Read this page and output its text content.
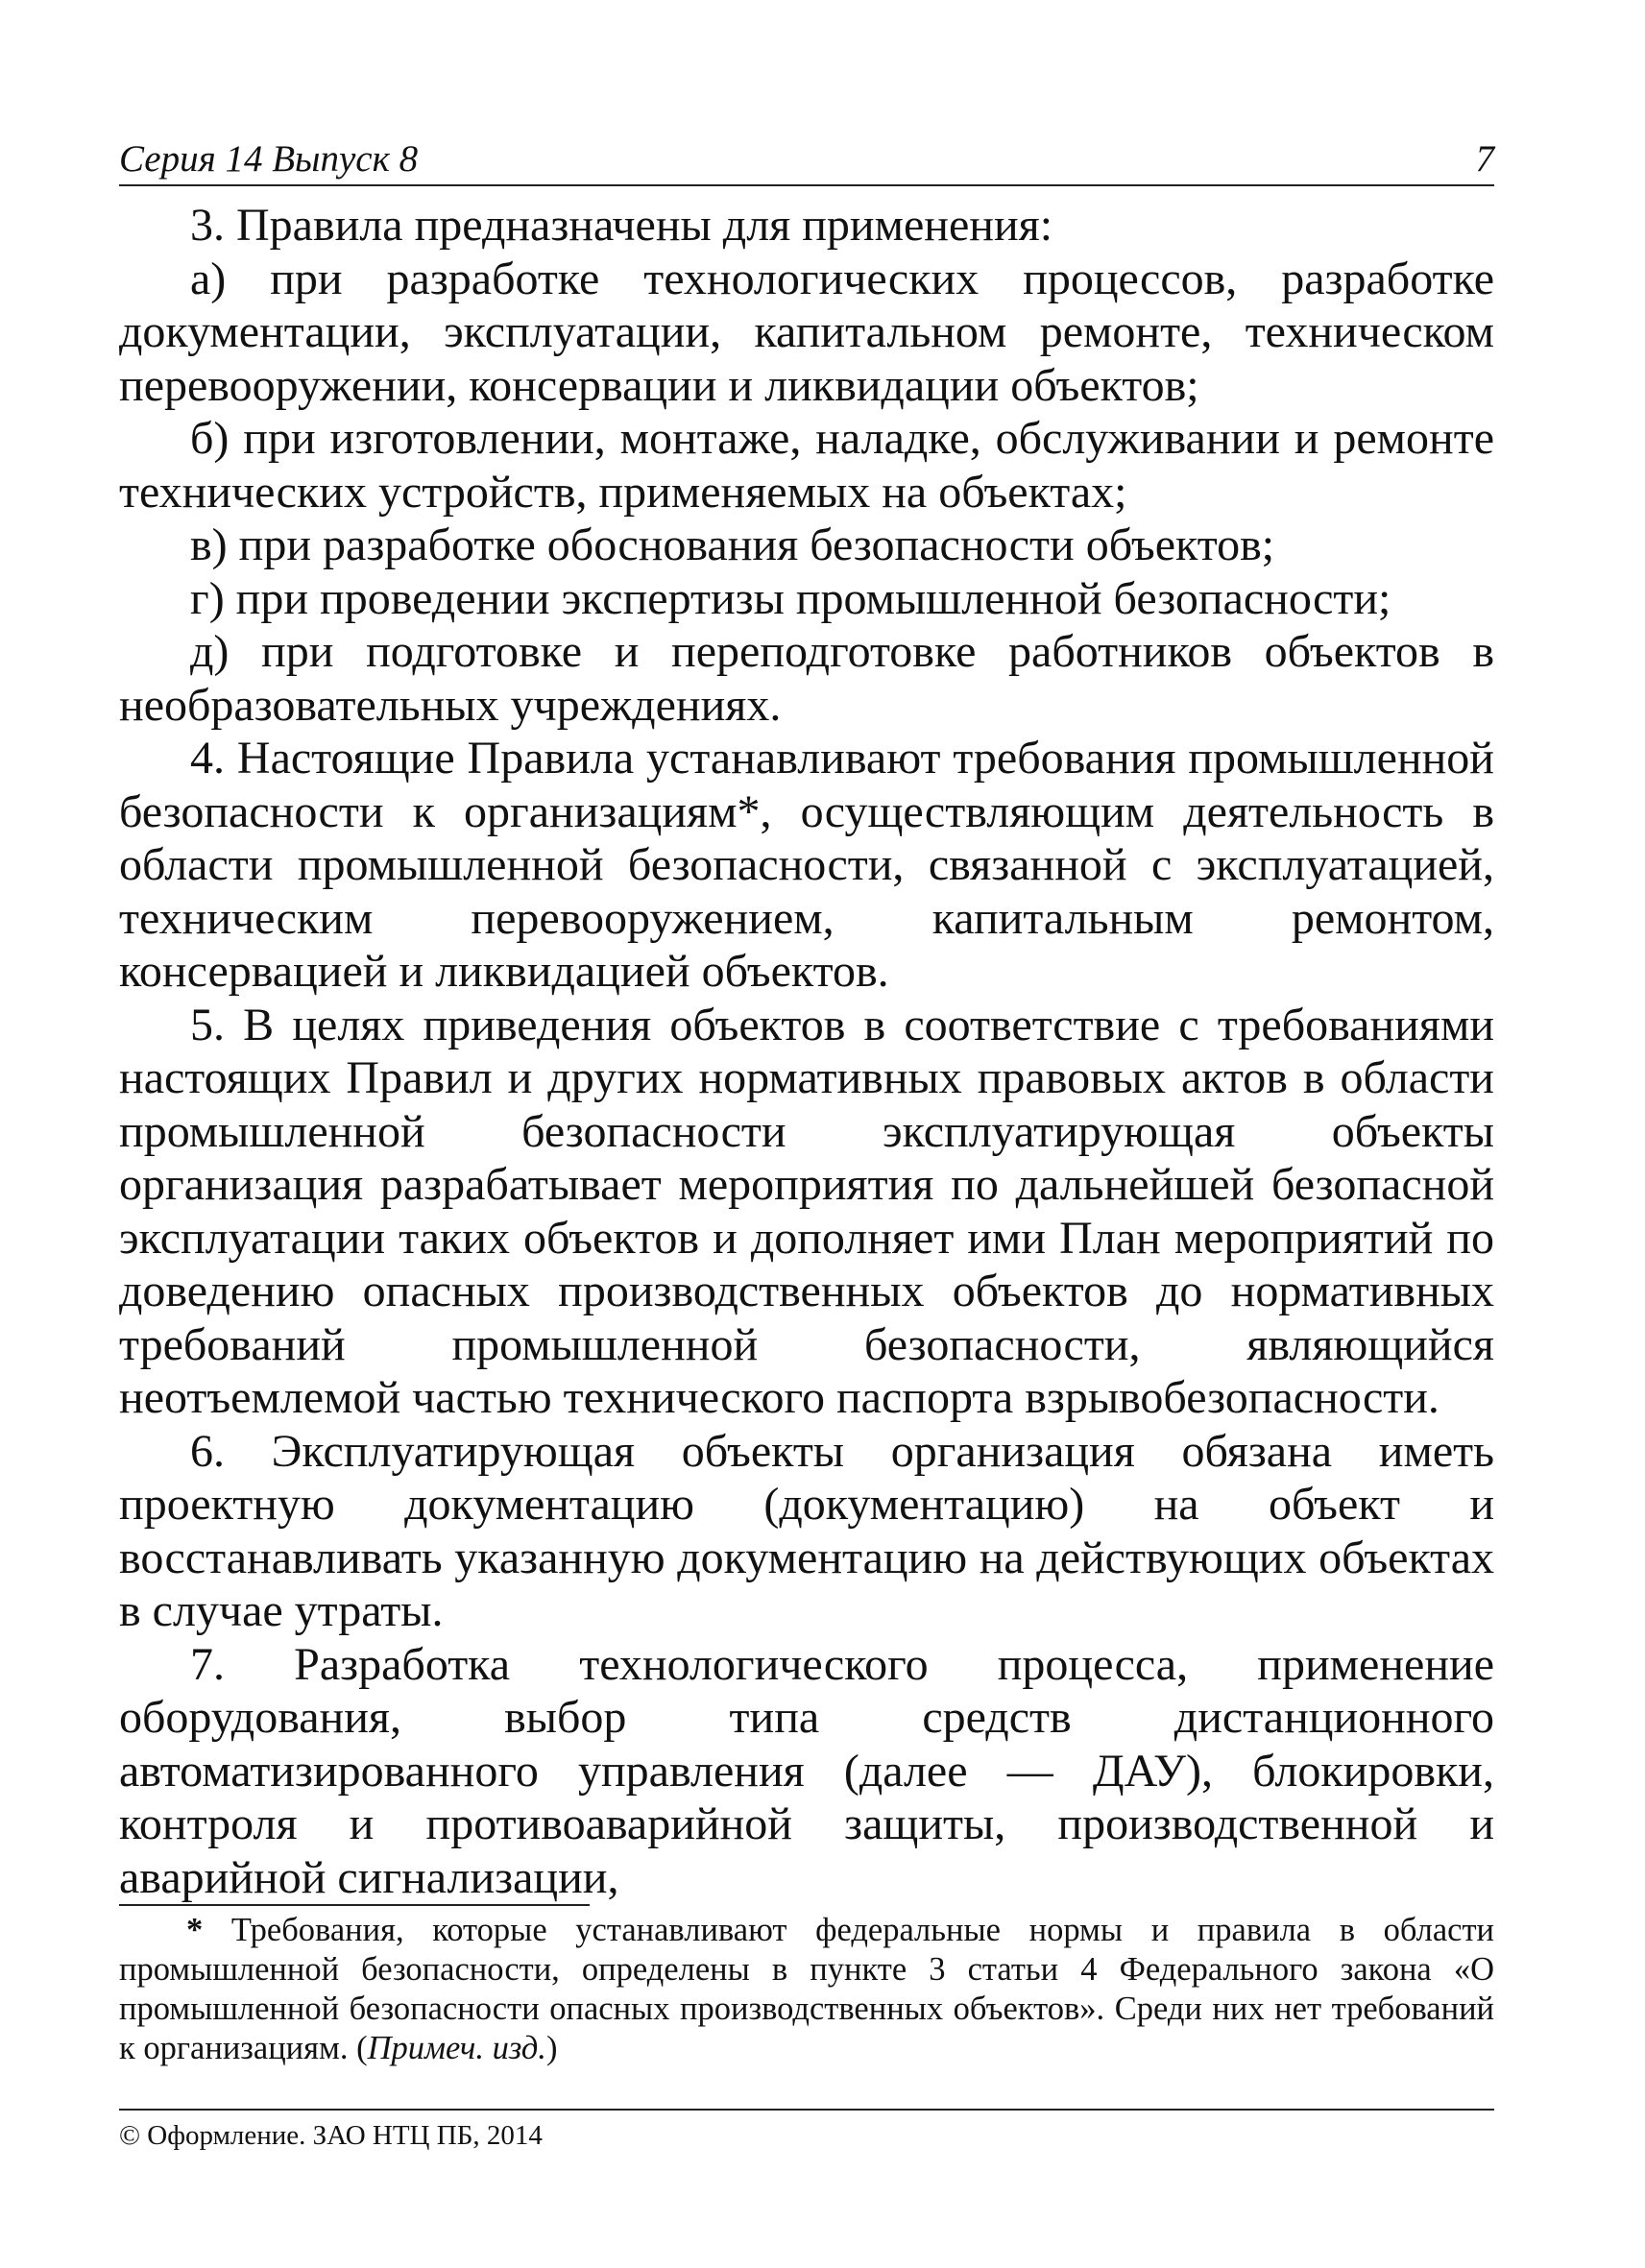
Серия 14 Выпуск 8	7

3. Правила предназначены для применения:

а) при разработке технологических процессов, разработке документации, эксплуатации, капитальном ремонте, техническом перевооружении, консервации и ликвидации объектов;

б) при изготовлении, монтаже, наладке, обслуживании и ремонте технических устройств, применяемых на объектах;

в) при разработке обоснования безопасности объектов;

г) при проведении экспертизы промышленной безопасности;

д) при подготовке и переподготовке работников объектов в необразовательных учреждениях.

4. Настоящие Правила устанавливают требования промышленной безопасности к организациям*, осуществляющим деятельность в области промышленной безопасности, связанной с эксплуатацией, техническим перевооружением, капитальным ремонтом, консервацией и ликвидацией объектов.

5. В целях приведения объектов в соответствие с требованиями настоящих Правил и других нормативных правовых актов в области промышленной безопасности эксплуатирующая объекты организация разрабатывает мероприятия по дальнейшей безопасной эксплуатации таких объектов и дополняет ими План мероприятий по доведению опасных производственных объектов до нормативных требований промышленной безопасности, являющийся неотъемлемой частью технического паспорта взрывобезопасности.

6. Эксплуатирующая объекты организация обязана иметь проектную документацию (документацию) на объект и восстанавливать указанную документацию на действующих объектах в случае утраты.

7. Разработка технологического процесса, применение оборудования, выбор типа средств дистанционного автоматизированного управления (далее — ДАУ), блокировки, контроля и противоаварийной защиты, производственной и аварийной сигнализации,

* Требования, которые устанавливают федеральные нормы и правила в области промышленной безопасности, определены в пункте 3 статьи 4 Федерального закона «О промышленной безопасности опасных производственных объектов». Среди них нет требований к организациям. (Примеч. изд.)

© Оформление. ЗАО НТЦ ПБ, 2014
